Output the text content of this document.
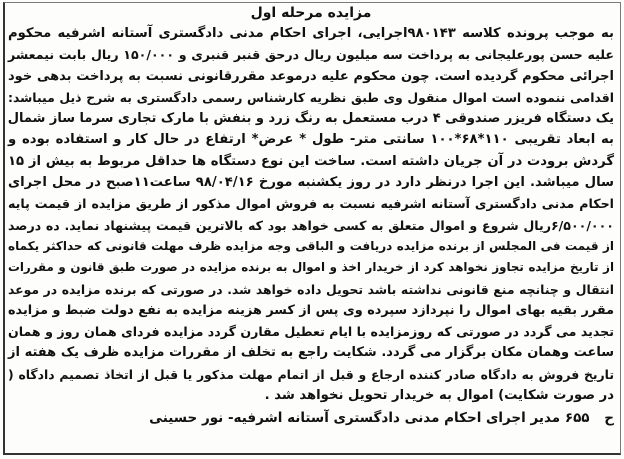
مزایده مرحله اول
به موجب پرونده کلاسه ۹۸۰۱۴۳اجرایی، اجرای احکام مدنی دادگستری آستانه اشرفیه محکوم
علیه حسن پورعلیجانی به پرداخت سه میلیون ریال درحق قنبر قنبری و ۱۵۰/۰۰۰ ریال بابت نیمعشر
اجرائی محکوم گردیده است. چون محکوم علیه درموعد مقررقانونی نسبت به پرداخت بدهی خود
اقدامی ننموده است اموال منقول وی طبق نظریه کارشناس رسمی دادگستری به شرح ذیل میباشد:
یک دستگاه فریزر صندوقی ۴ درب مستعمل به رنگ زرد و بنفش با مارک تجاری سرما ساز شمال
به ابعاد تقریبی ۱۱۰*۶۸*۱۰۰ سانتی متر- طول * عرض* ارتفاع در حال کار و استفاده بوده و
گردش برودت در آن جریان داشته است. ساخت این نوع دستگاه ها حداقل مربوط به بیش از ۱۵
سال میباشد. این اجرا درنظر دارد در روز یکشنبه مورخ ۹۸/۰۴/۱۶ ساعت۱۱صبح در محل اجرای
احکام مدنی دادگستری آستانه اشرفیه نسبت به فروش اموال مذکور از طریق مزایده از قیمت پایه
۶/۵۰۰/۰۰۰ریال شروع و اموال متعلق به کسی خواهد بود که بالاترین قیمت پیشنهاد نماید. ده درصد
از قیمت فی المجلس از برنده مزایده دریافت و الباقی وجه مزایده ظرف مهلت قانونی که حداکثر یکماه
از تاریخ مزایده تجاوز نخواهد کرد از خریدار اخذ و اموال به برنده مزایده در صورت طبق قانون و مقررات
انتقال و چنانچه منع قانونی نداشته باشد تحویل داده خواهد شد. در صورتی که برنده مزایده در موعد
مقرر بقیه بهای اموال را نپردازد سپرده وی پس از کسر هزینه مزایده به نفع دولت ضبط و مزایده
تجدید می گردد در صورتی که روزمزایده با ایام تعطیل مقارن گردد مزایده فردای همان روز و همان
ساعت وهمان مکان برگزار می گردد. شکایت راجع به تخلف از مقررات مزایده ظرف یک هفته از
تاریخ فروش به دادگاه صادر کننده ارجاع و قبل از اتمام مهلت مذکور یا قبل از اتخاذ تصمیم دادگاه (
در صورت شکایت) اموال به خریدار تحویل نخواهد شد .
ح ۶۵۵ مدیر اجرای احکام مدنی دادگستری آستانه اشرفیه- نور حسینی
